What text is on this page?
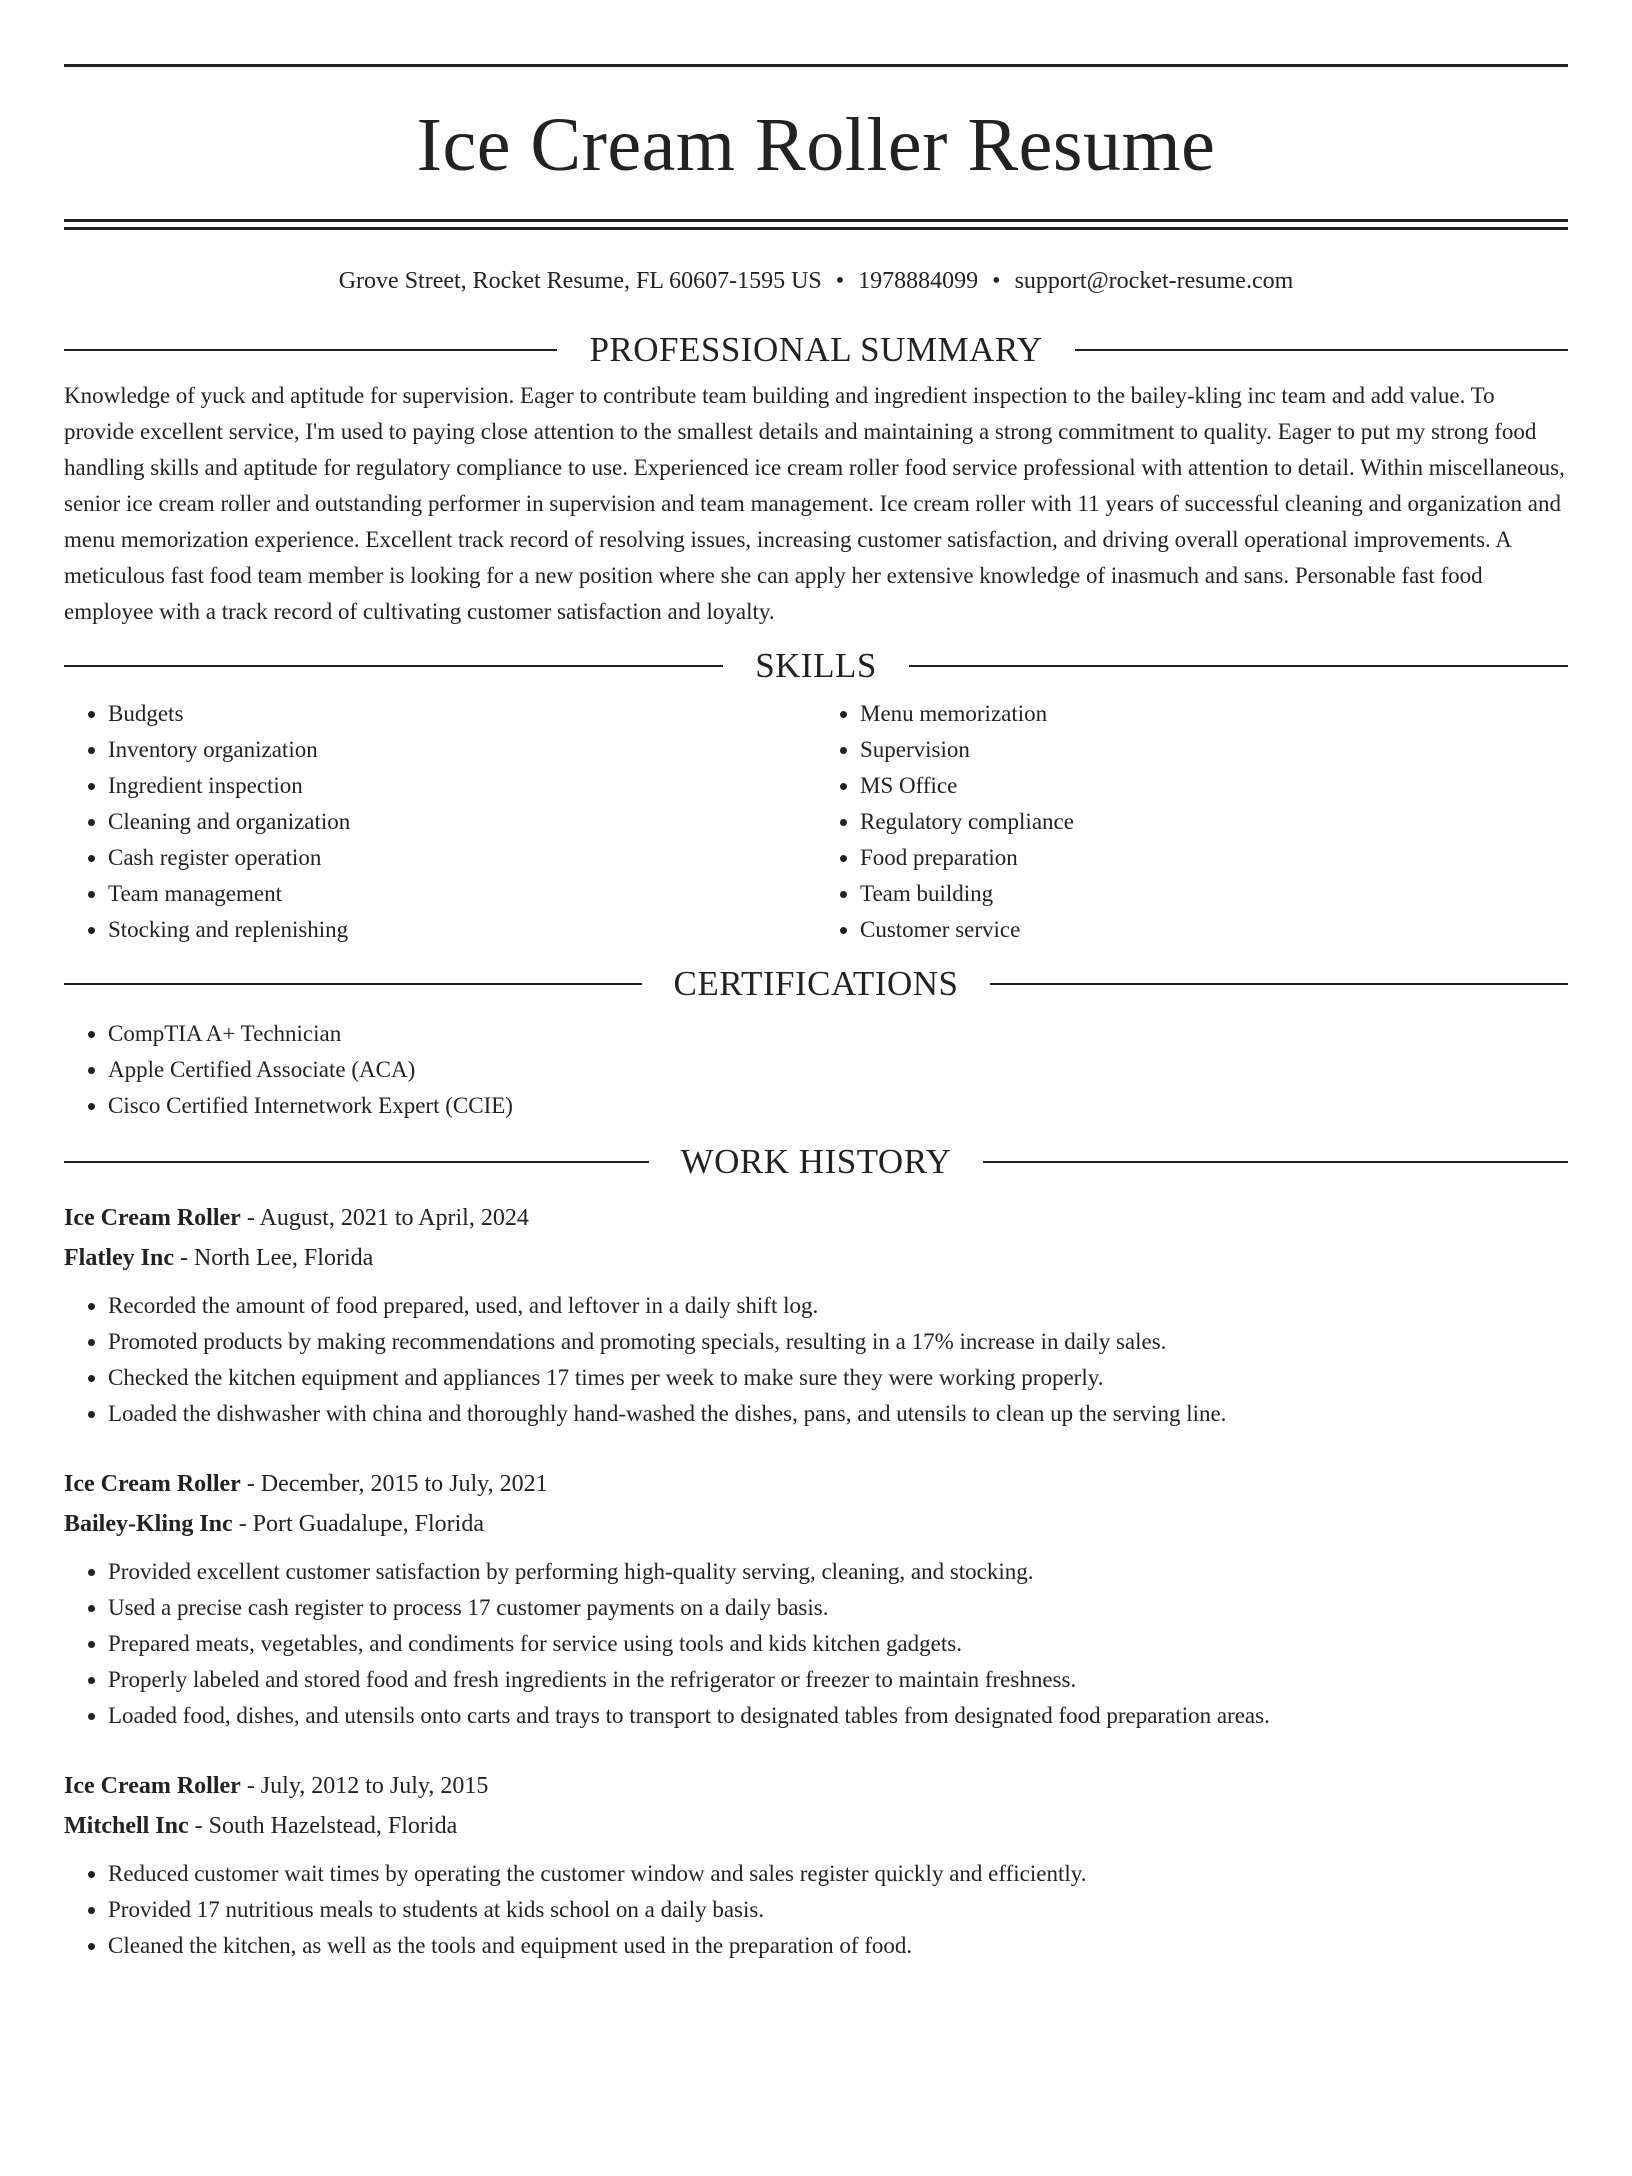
Ice Cream Roller Resume
Grove Street, Rocket Resume, FL 60607-1595 US • 1978884099 • support@rocket-resume.com
PROFESSIONAL SUMMARY

Knowledge of yuck and aptitude for supervision. Eager to contribute team building and ingredient inspection to the bailey-kling inc team and add value. To provide excellent service, I'm used to paying close attention to the smallest details and maintaining a strong commitment to quality. Eager to put my strong food handling skills and aptitude for regulatory compliance to use. Experienced ice cream roller food service professional with attention to detail. Within miscellaneous, senior ice cream roller and outstanding performer in supervision and team management. Ice cream roller with 11 years of successful cleaning and organization and menu memorization experience. Excellent track record of resolving issues, increasing customer satisfaction, and driving overall operational improvements. A meticulous fast food team member is looking for a new position where she can apply her extensive knowledge of inasmuch and sans. Personable fast food employee with a track record of cultivating customer satisfaction and loyalty.

SKILLS
• Budgets
• Inventory organization
• Ingredient inspection
• Cleaning and organization
• Cash register operation
• Team management
• Stocking and replenishing
• Menu memorization
• Supervision
• MS Office
• Regulatory compliance
• Food preparation
• Team building
• Customer service
CERTIFICATIONS
• CompTIA A+ Technician
• Apple Certified Associate (ACA)
• Cisco Certified Internetwork Expert (CCIE)
WORK HISTORY
Ice Cream Roller - August, 2021 to April, 2024
Flatley Inc - North Lee, Florida
• Recorded the amount of food prepared, used, and leftover in a daily shift log.
• Promoted products by making recommendations and promoting specials, resulting in a 17% increase in daily sales.
• Checked the kitchen equipment and appliances 17 times per week to make sure they were working properly.
• Loaded the dishwasher with china and thoroughly hand-washed the dishes, pans, and utensils to clean up the serving line.
Ice Cream Roller - December, 2015 to July, 2021
Bailey-Kling Inc - Port Guadalupe, Florida
• Provided excellent customer satisfaction by performing high-quality serving, cleaning, and stocking.
• Used a precise cash register to process 17 customer payments on a daily basis.
• Prepared meats, vegetables, and condiments for service using tools and kids kitchen gadgets.
• Properly labeled and stored food and fresh ingredients in the refrigerator or freezer to maintain freshness.
• Loaded food, dishes, and utensils onto carts and trays to transport to designated tables from designated food preparation areas.
Ice Cream Roller - July, 2012 to July, 2015
Mitchell Inc - South Hazelstead, Florida
• Reduced customer wait times by operating the customer window and sales register quickly and efficiently.
• Provided 17 nutritious meals to students at kids school on a daily basis.
• Cleaned the kitchen, as well as the tools and equipment used in the preparation of food.
